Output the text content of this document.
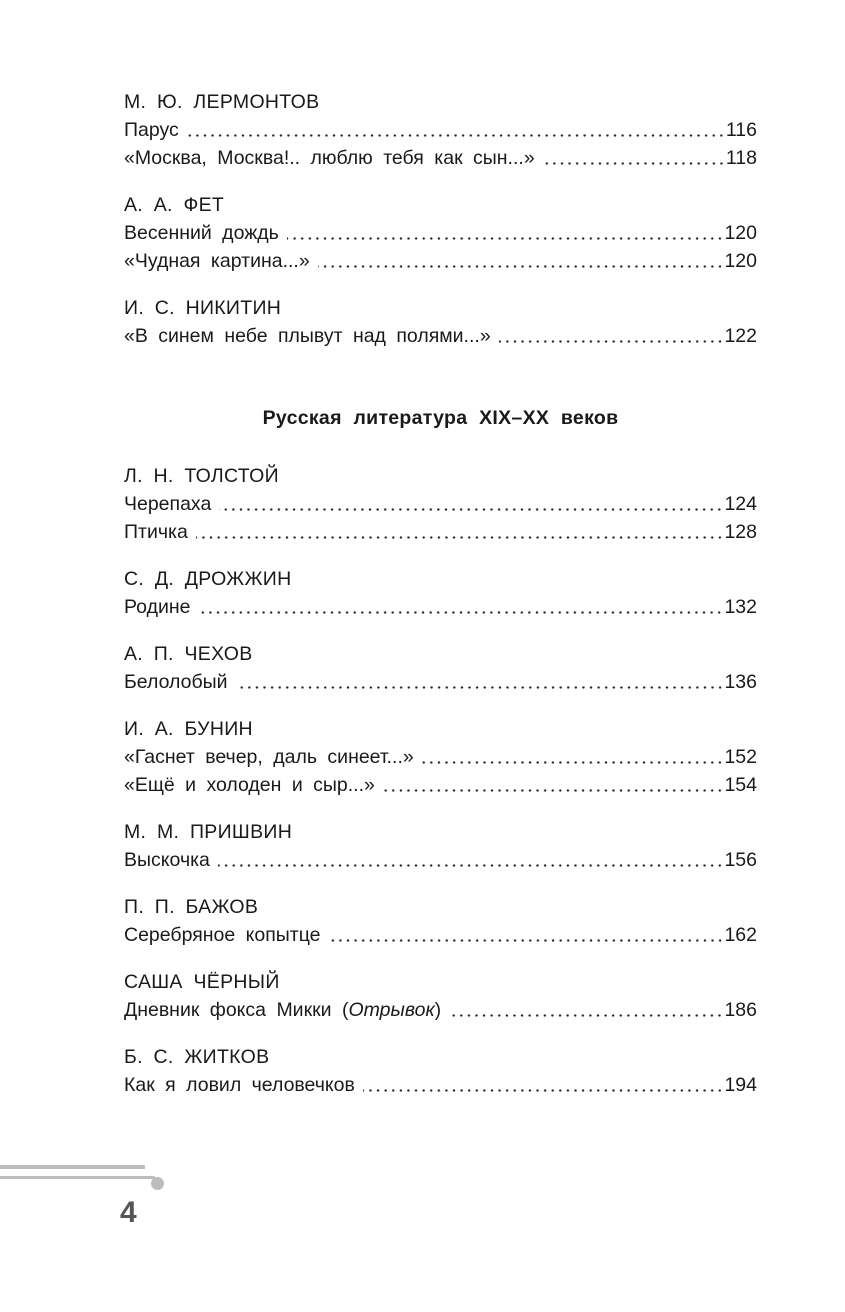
М. Ю. ЛЕРМОНТОВ
Парус	116
«Москва, Москва!.. люблю тебя как сын...»	118
А. А. ФЕТ
Весенний дождь	120
«Чудная картина...»	120
И. С. НИКИТИН
«В синем небе плывут над полями...»	122
Русская литература XIX–XX веков
Л. Н. ТОЛСТОЙ
Черепаха	124
Птичка	128
С. Д. ДРОЖЖИН
Родине	132
А. П. ЧЕХОВ
Белолобый	136
И. А. БУНИН
«Гаснет вечер, даль синеет...»	152
«Ещё и холоден и сыр...»	154
М. М. ПРИШВИН
Выскочка	156
П. П. БАЖОВ
Серебряное копытце	162
САША ЧЁРНЫЙ
Дневник фокса Микки (Отрывок)	186
Б. С. ЖИТКОВ
Как я ловил человечков	194
4
